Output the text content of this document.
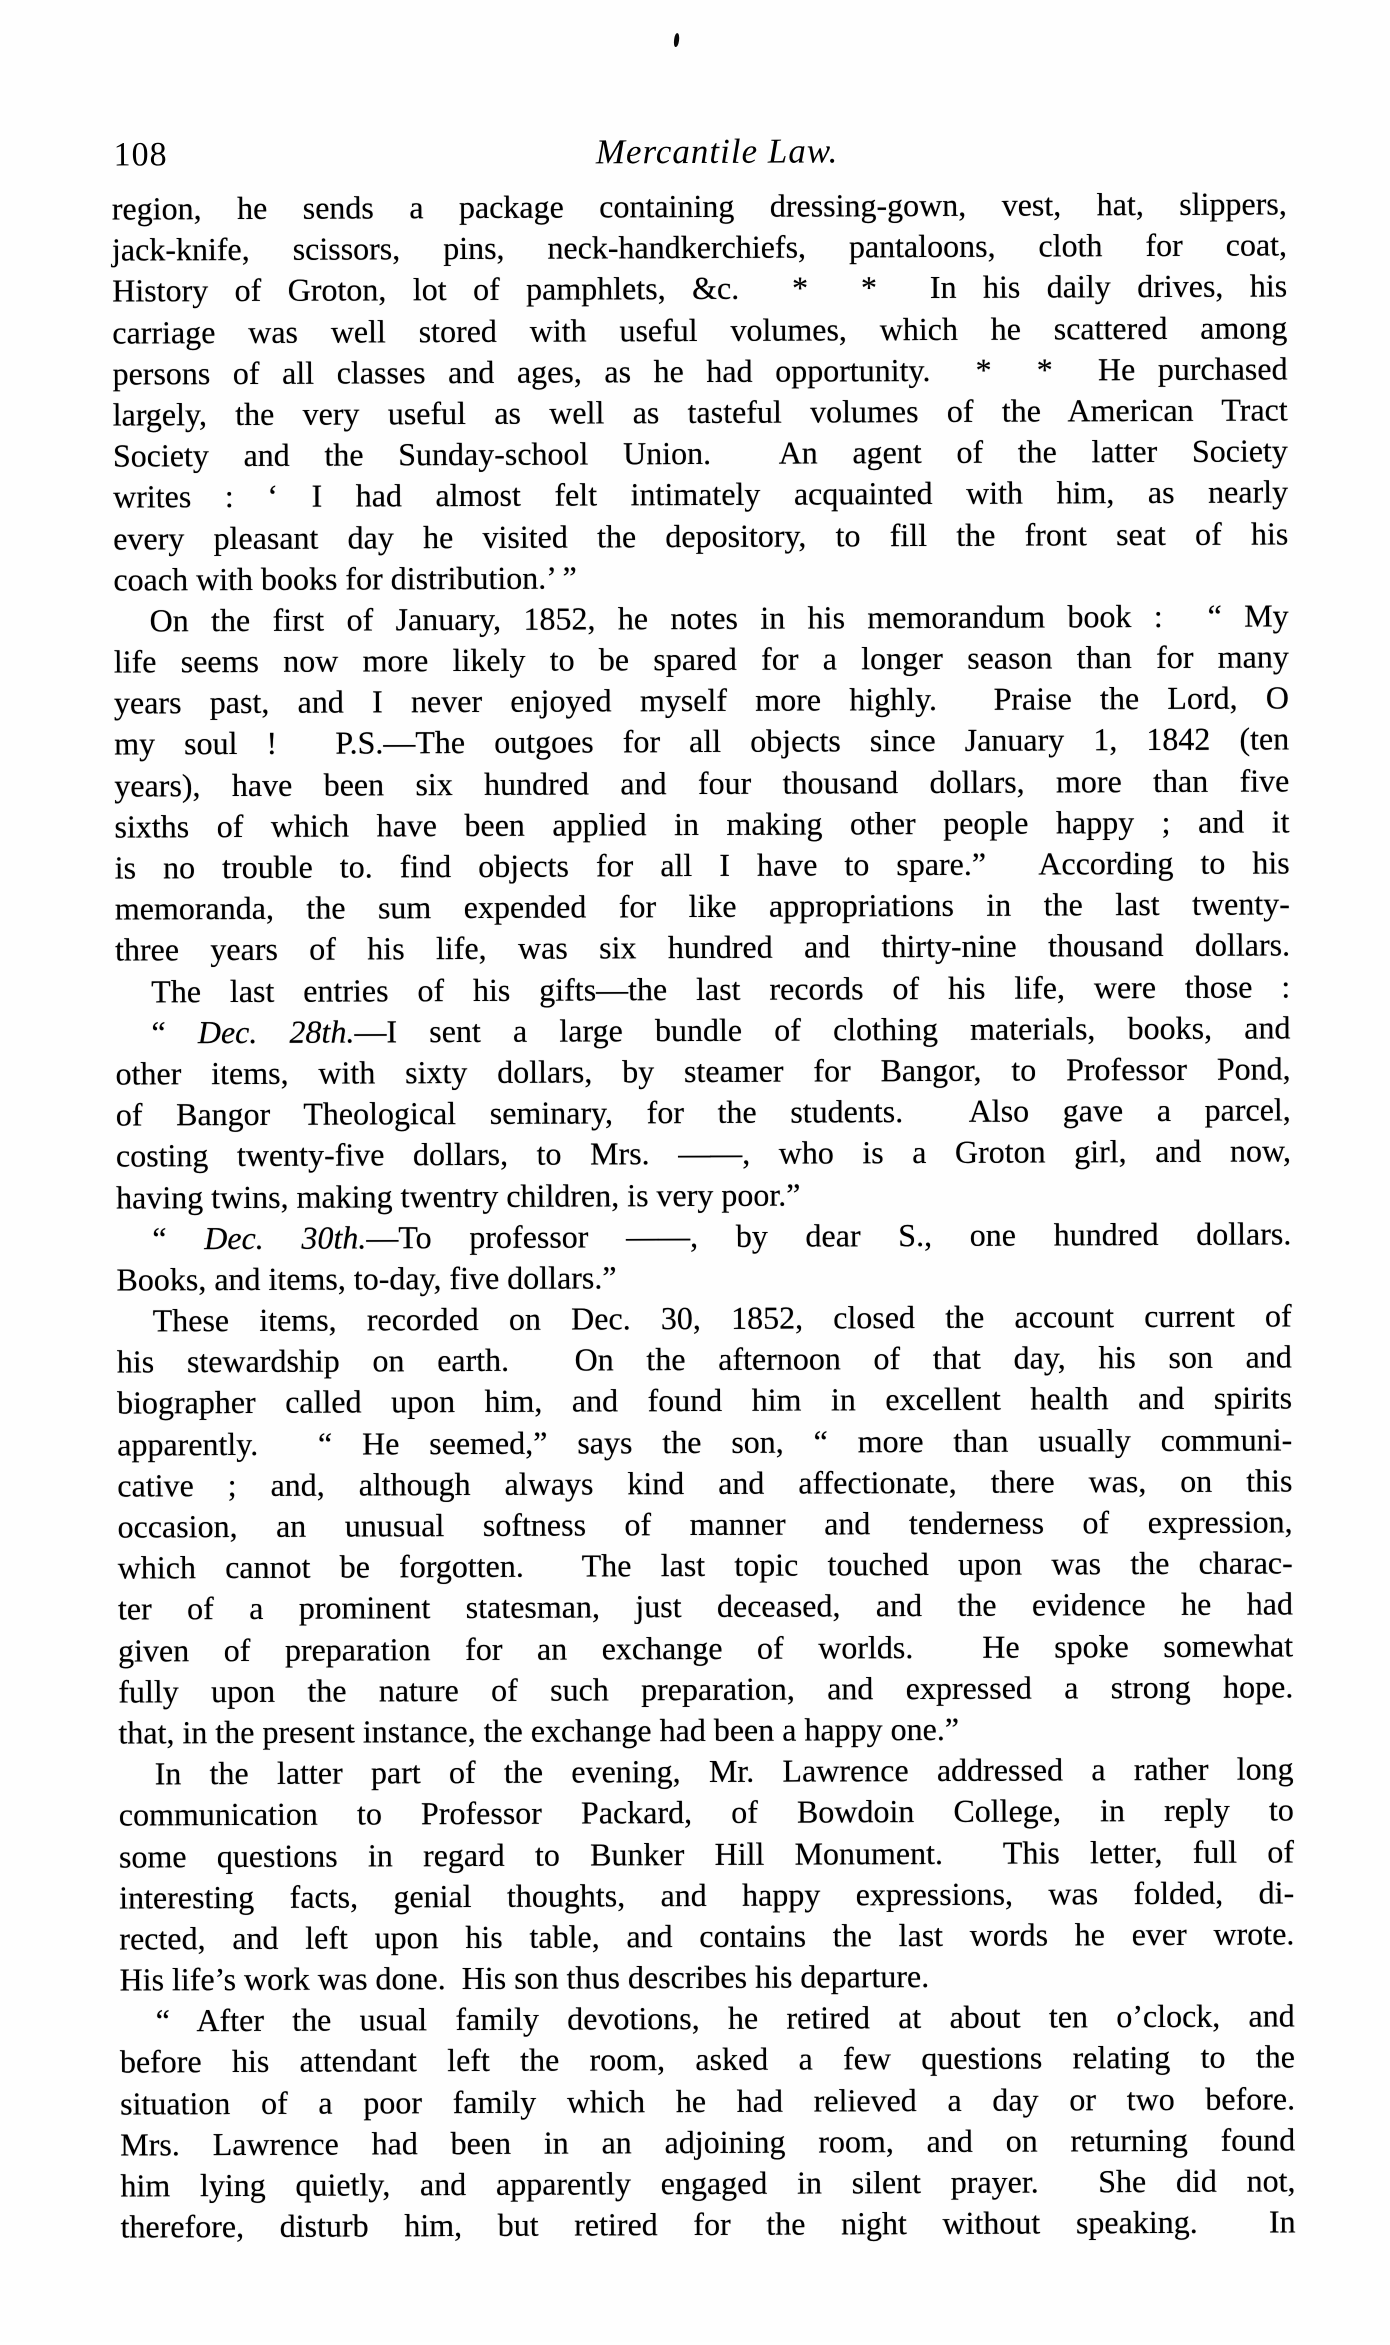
108	Mercantile Law.
region, he sends a package containing dressing-gown, vest, hat, slippers,
jack-knife, scissors, pins, neck-handkerchiefs, pantaloons, cloth for coat,
History of Groton, lot of pamphlets, &c.  *  *  In his daily drives, his
carriage was well stored with useful volumes, which he scattered among
persons of all classes and ages, as he had opportunity.  *  *  He purchased
largely, the very useful as well as tasteful volumes of the American Tract
Society and the Sunday-school Union.  An agent of the latter Society
writes : ‘ I had almost felt intimately acquainted with him, as nearly
every pleasant day he visited the depository, to fill the front seat of his
coach with books for distribution.’ ”
On the first of January, 1852, he notes in his memorandum book :  “ My
life seems now more likely to be spared for a longer season than for many
years past, and I never enjoyed myself more highly.  Praise the Lord, O
my soul !  P.S.—The outgoes for all objects since January 1, 1842 (ten
years), have been six hundred and four thousand dollars, more than five
sixths of which have been applied in making other people happy ; and it
is no trouble to. find objects for all I have to spare.”  According to his
memoranda, the sum expended for like appropriations in the last twenty-
three years of his life, was six hundred and thirty-nine thousand dollars.
The last entries of his gifts—the last records of his life, were those :
“ Dec. 28th.—I sent a large bundle of clothing materials, books, and
other items, with sixty dollars, by steamer for Bangor, to Professor Pond,
of Bangor Theological seminary, for the students.  Also gave a parcel,
costing twenty-five dollars, to Mrs. ——, who is a Groton girl, and now,
having twins, making twentry children, is very poor.”
“ Dec. 30th.—To professor ——, by dear S., one hundred dollars.
Books, and items, to-day, five dollars.”
These items, recorded on Dec. 30, 1852, closed the account current of
his stewardship on earth.  On the afternoon of that day, his son and
biographer called upon him, and found him in excellent health and spirits
apparently.  “ He seemed,” says the son, “ more than usually communi-
cative ; and, although always kind and affectionate, there was, on this
occasion, an unusual softness of manner and tenderness of expression,
which cannot be forgotten.  The last topic touched upon was the charac-
ter of a prominent statesman, just deceased, and the evidence he had
given of preparation for an exchange of worlds.  He spoke somewhat
fully upon the nature of such preparation, and expressed a strong hope.
that, in the present instance, the exchange had been a happy one.”
In the latter part of the evening, Mr. Lawrence addressed a rather long
communication to Professor Packard, of Bowdoin College, in reply to
some questions in regard to Bunker Hill Monument.  This letter, full of
interesting facts, genial thoughts, and happy expressions, was folded, di-
rected, and left upon his table, and contains the last words he ever wrote.
His life’s work was done.  His son thus describes his departure.
“ After the usual family devotions, he retired at about ten o’clock, and
before his attendant left the room, asked a few questions relating to the
situation of a poor family which he had relieved a day or two before.
Mrs. Lawrence had been in an adjoining room, and on returning found
him lying quietly, and apparently engaged in silent prayer.  She did not,
therefore, disturb him, but retired for the night without speaking.  In
